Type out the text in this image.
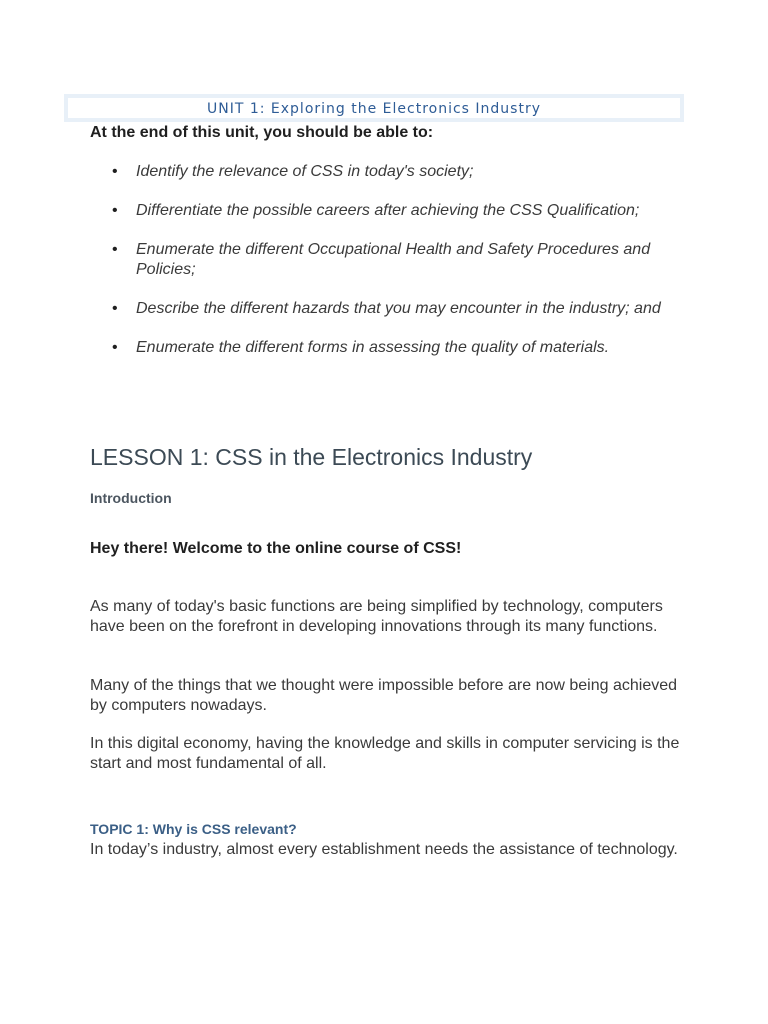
UNIT 1: Exploring the Electronics Industry
At the end of this unit, you should be able to:
• Identify the relevance of CSS in today's society;
• Differentiate the possible careers after achieving the CSS Qualification;
• Enumerate the different Occupational Health and Safety Procedures and Policies;
• Describe the different hazards that you may encounter in the industry; and
• Enumerate the different forms in assessing the quality of materials.
LESSON 1: CSS in the Electronics Industry
Introduction
Hey there! Welcome to the online course of CSS!
As many of today's basic functions are being simplified by technology, computers have been on the forefront in developing innovations through its many functions.
Many of the things that we thought were impossible before are now being achieved by computers nowadays.
In this digital economy, having the knowledge and skills in computer servicing is the start and most fundamental of all.
TOPIC 1: Why is CSS relevant?
In today’s industry, almost every establishment needs the assistance of technology.
